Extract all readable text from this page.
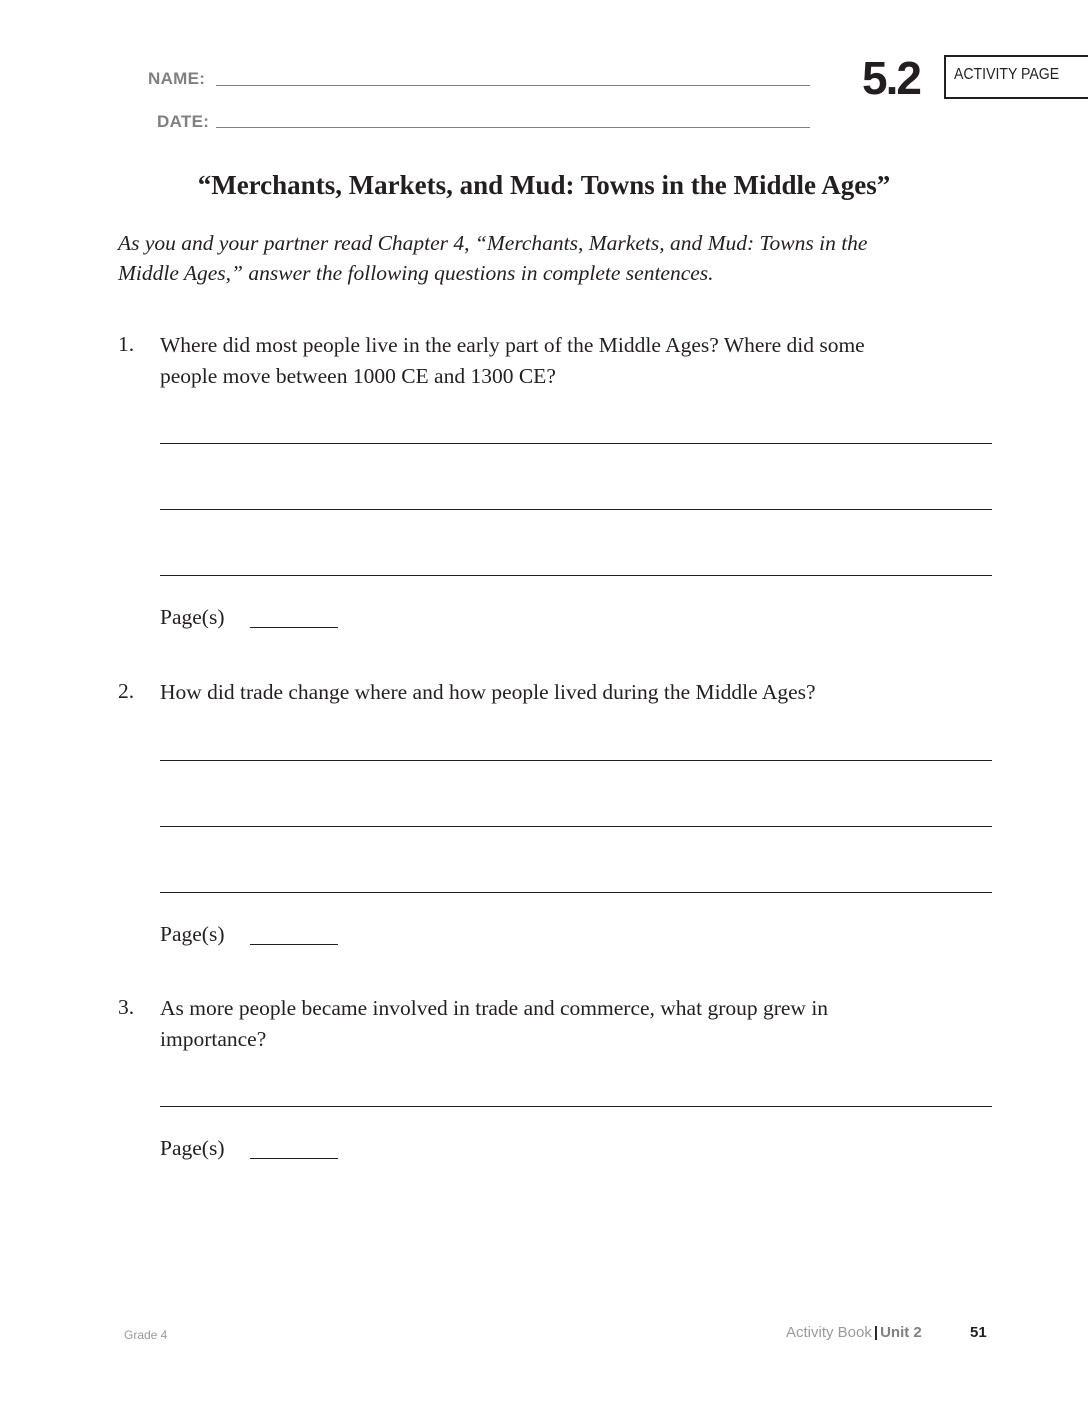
NAME:
DATE:
5.2 ACTIVITY PAGE
“Merchants, Markets, and Mud: Towns in the Middle Ages”
As you and your partner read Chapter 4, “Merchants, Markets, and Mud: Towns in the
Middle Ages,” answer the following questions in complete sentences.
1. Where did most people live in the early part of the Middle Ages? Where did some
people move between 1000 CE and 1300 CE?
Page(s)
2. How did trade change where and how people lived during the Middle Ages?
Page(s)
3. As more people became involved in trade and commerce, what group grew in
importance?
Page(s)
Grade 4	Activity Book | Unit 2	51
